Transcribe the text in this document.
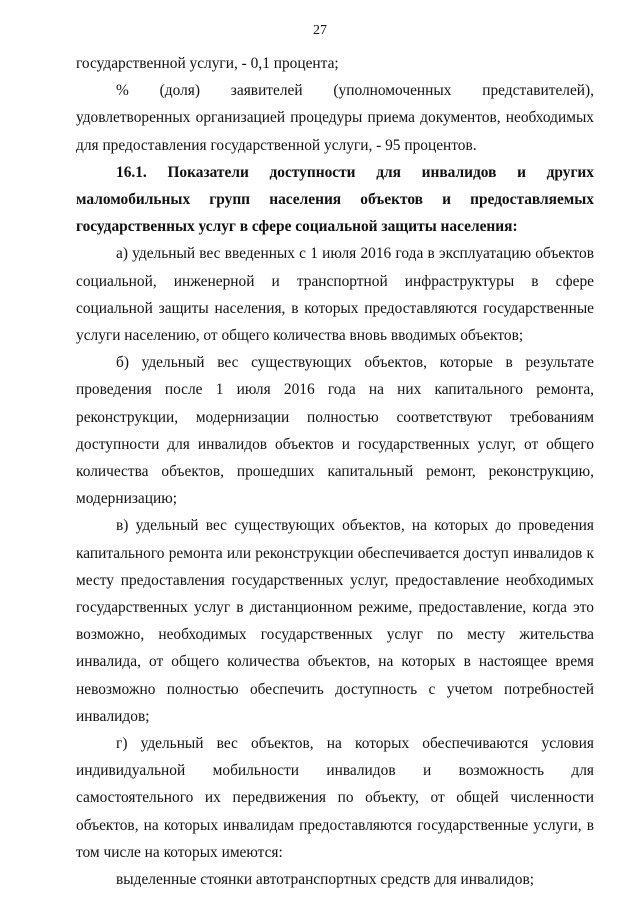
27

государственной услуги, - 0,1 процента;

% (доля) заявителей (уполномоченных представителей), удовлетворенных организацией процедуры приема документов, необходимых для предоставления государственной услуги, - 95 процентов.

16.1. Показатели доступности для инвалидов и других маломобильных групп населения объектов и предоставляемых государственных услуг в сфере социальной защиты населения:

а) удельный вес введенных с 1 июля 2016 года в эксплуатацию объектов социальной, инженерной и транспортной инфраструктуры в сфере социальной защиты населения, в которых предоставляются государственные услуги населению, от общего количества вновь вводимых объектов;

б) удельный вес существующих объектов, которые в результате проведения после 1 июля 2016 года на них капитального ремонта, реконструкции, модернизации полностью соответствуют требованиям доступности для инвалидов объектов и государственных услуг, от общего количества объектов, прошедших капитальный ремонт, реконструкцию, модернизацию;

в) удельный вес существующих объектов, на которых до проведения капитального ремонта или реконструкции обеспечивается доступ инвалидов к месту предоставления государственных услуг, предоставление необходимых государственных услуг в дистанционном режиме, предоставление, когда это возможно, необходимых государственных услуг по месту жительства инвалида, от общего количества объектов, на которых в настоящее время невозможно полностью обеспечить доступность с учетом потребностей инвалидов;

г) удельный вес объектов, на которых обеспечиваются условия индивидуальной мобильности инвалидов и возможность для самостоятельного их передвижения по объекту, от общей численности объектов, на которых инвалидам предоставляются государственные услуги, в том числе на которых имеются:

выделенные стоянки автотранспортных средств для инвалидов;
